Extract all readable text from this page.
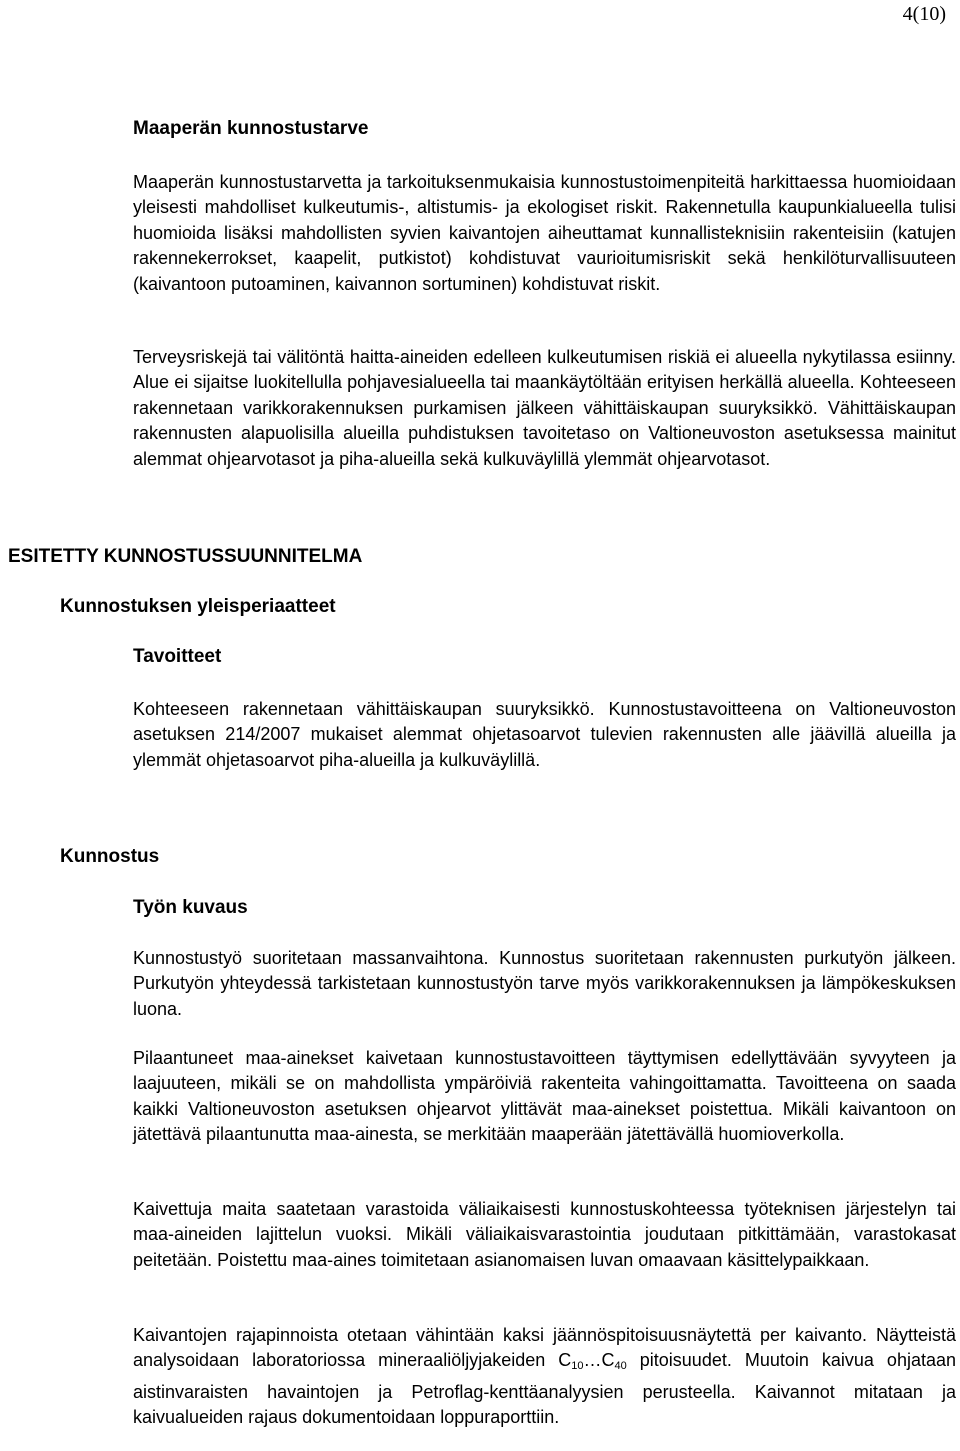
4(10)
Maaperän kunnostustarve

Maaperän kunnostustarvetta ja tarkoituksenmukaisia kunnostustoimenpiteitä harkittaessa huomioidaan yleisesti mahdolliset kulkeutumis-, altistumis- ja ekologiset riskit. Rakennetulla kaupunkialueella tulisi huomioida lisäksi mahdollisten syvien kaivantojen aiheuttamat kunnallisteknisiin rakenteisiin (katujen rakennekerrokset, kaapelit, putkistot) kohdistuvat vaurioitumisriskit sekä henkilöturvallisuuteen (kaivantoon putoaminen, kaivannon sortuminen) kohdistuvat riskit.

Terveysriskejä tai välitöntä haitta-aineiden edelleen kulkeutumisen riskiä ei alueella nykytilassa esiinny. Alue ei sijaitse luokitellulla pohjavesialueella tai maankäytöltään erityisen herkällä alueella. Kohteeseen rakennetaan varikkorakennuksen purkamisen jälkeen vähittäiskaupan suuryksikkö. Vähittäiskaupan rakennusten alapuolisilla alueilla puhdistuksen tavoitetaso on Valtioneuvoston asetuksessa mainitut alemmat ohjearvotasot ja piha-alueilla sekä kulkuväylillä ylemmät ohjearvotasot.

ESITETTY KUNNOSTUSSUUNNITELMA
Kunnostuksen yleisperiaatteet
Tavoitteet

Kohteeseen rakennetaan vähittäiskaupan suuryksikkö. Kunnostustavoitteena on Valtioneuvoston asetuksen 214/2007 mukaiset alemmat ohjetasoarvot tulevien rakennusten alle jäävillä alueilla ja ylemmät ohjetasoarvot piha-alueilla ja kulkuväylillä.

Kunnostus
Työn kuvaus

Kunnostustyö suoritetaan massanvaihtona. Kunnostus suoritetaan rakennusten purkutyön jälkeen. Purkutyön yhteydessä tarkistetaan kunnostustyön tarve myös varikkorakennuksen ja lämpökeskuksen luona.

Pilaantuneet maa-ainekset kaivetaan kunnostustavoitteen täyttymisen edellyttävään syvyyteen ja laajuuteen, mikäli se on mahdollista ympäröiviä rakenteita vahingoittamatta. Tavoitteena on saada kaikki Valtioneuvoston asetuksen ohjearvot ylittävät maa-ainekset poistettua. Mikäli kaivantoon on jätettävä pilaantunutta maa-ainesta, se merkitään maaperään jätettävällä huomioverkolla.

Kaivettuja maita saatetaan varastoida väliaikaisesti kunnostuskohteessa työteknisen järjestelyn tai maa-aineiden lajittelun vuoksi. Mikäli väliaikaisvarastointia joudutaan pitkittämään, varastokasat peitetään. Poistettu maa-aines toimitetaan asianomaisen luvan omaavaan käsittelypaikkaan.

Kaivantojen rajapinnoista otetaan vähintään kaksi jäännöspitoisuusnäytettä per kaivanto. Näytteistä analysoidaan laboratoriossa mineraaliöljyjakeiden C10…C40 pitoisuudet. Muutoin kaivua ohjataan aistinvaraisten havaintojen ja Petroflag-kenttäanalyysien perusteella. Kaivannot mitataan ja kaivualueiden rajaus dokumentoidaan loppuraporttiin.
